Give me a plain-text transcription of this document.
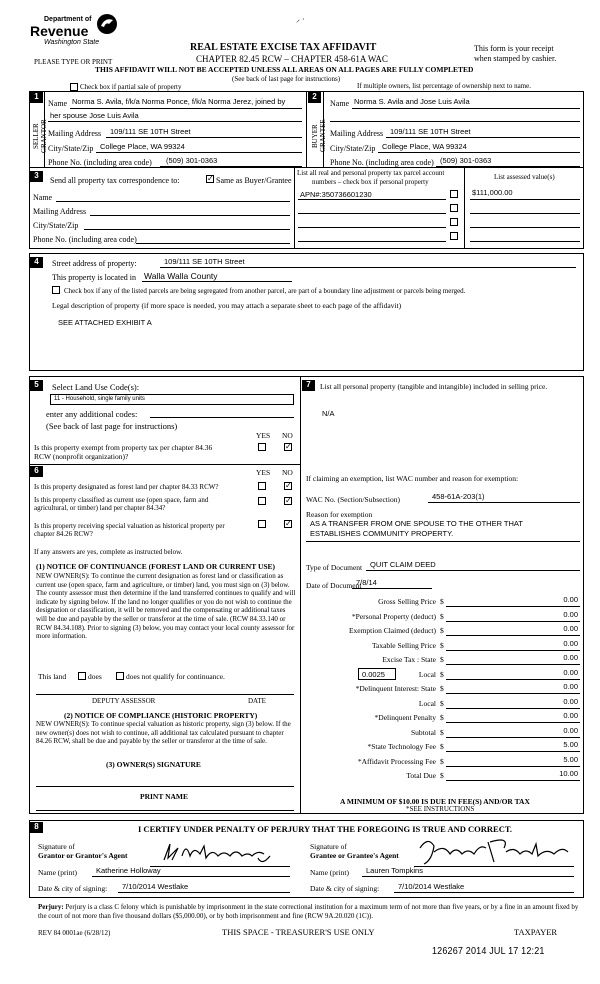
Department of
Revenue
Washington State
⸝ ·
REAL ESTATE EXCISE TAX AFFIDAVIT
CHAPTER 82.45 RCW – CHAPTER 458-61A WAC
THIS AFFIDAVIT WILL NOT BE ACCEPTED UNLESS ALL AREAS ON ALL PAGES ARE FULLY COMPLETED
(See back of last page for instructions)
This form is your receipt
when stamped by cashier.
PLEASE TYPE OR PRINT
Check box if partial sale of property	If multiple owners, list percentage of ownership next to name.
1
SELLER GRANTOR
Name Norma S. Avila, f/k/a Norma Ponce, f/k/a Norma Jerez, joined by
her spouse Jose Luis Avila
Mailing Address 109/111 SE 10TH Street
City/State/Zip College Place, WA 99324
Phone No. (including area code) (509) 301-0363
2
BUYER GRANTEE
Name Norma S. Avila and Jose Luis Avila
Mailing Address 109/111 SE 10TH Street
City/State/Zip College Place, WA 99324
Phone No. (including area code) (509) 301-0363
3
Send all property tax correspondence to:	✓ Same as Buyer/Grantee
List all real and personal property tax parcel account
numbers – check box if personal property
List assessed value(s)
APN#:350736601230	$111,000.00
Name
Mailing Address
City/State/Zip
Phone No. (including area code)
4	Street address of property:	109/111 SE 10TH Street
This property is located in Walla Walla County
Check box if any of the listed parcels are being segregated from another parcel, are part of a boundary line adjustment or parcels being merged.
Legal description of property (if more space is needed, you may attach a separate sheet to each page of the affidavit)
SEE ATTACHED EXHIBIT A
5	Select Land Use Code(s):
11 - Household, single family units
enter any additional codes:
(See back of last page for instructions)
YES NO
Is this property exempt from property tax per chapter 84.36 RCW (nonprofit organization)?
✓
6	YES NO
Is this property designated as forest land per chapter 84.33 RCW?	✓
Is this property classified as current use (open space, farm and agricultural, or timber) land per chapter 84.34?
✓
Is this property receiving special valuation as historical property per chapter 84.26 RCW?
✓
If any answers are yes, complete as instructed below.
(1) NOTICE OF CONTINUANCE (FOREST LAND OR CURRENT USE)
NEW OWNER(S): To continue the current designation as forest land or classification as current use (open space, farm and agriculture, or timber) land, you must sign on (3) below. The county assessor must then determine if the land transferred continues to qualify and will indicate by signing below. If the land no longer qualifies or you do not wish to continue the designation or classification, it will be removed and the compensating or additional taxes will be due and payable by the seller or transferor at the time of sale. (RCW 84.33.140 or RCW 84.34.108). Prior to signing (3) below, you may contact your local county assessor for more information.
This land	does	does not qualify for continuance.
DEPUTY ASSESSOR	DATE
(2) NOTICE OF COMPLIANCE (HISTORIC PROPERTY)
NEW OWNER(S): To continue special valuation as historic property, sign (3) below. If the new owner(s) does not wish to continue, all additional tax calculated pursuant to chapter 84.26 RCW, shall be due and payable by the seller or transferor at the time of sale.
(3) OWNER(S) SIGNATURE
PRINT NAME
7	List all personal property (tangible and intangible) included in selling price.
N/A
If claiming an exemption, list WAC number and reason for exemption:
WAC No. (Section/Subsection)	458-61A-203(1)
Reason for exemption
AS A TRANSFER FROM ONE SPOUSE TO THE OTHER THAT
ESTABLISHES COMMUNITY PROPERTY.
Type of Document QUIT CLAIM DEED
Date of Document
7/8/14
Gross Selling Price $	0.00
*Personal Property (deduct) $	0.00
Exemption Claimed (deduct) $	0.00
Taxable Selling Price $	0.00
Excise Tax : State $	0.00
Local $	0.00
*Delinquent Interest: State $	0.00
Local $	0.00
*Delinquent Penalty $	0.00
Subtotal $	0.00
*State Technology Fee $	5.00
*Affidavit Processing Fee $	5.00
Total Due $	10.00
0.0025
A MINIMUM OF $10.00 IS DUE IN FEE(S) AND/OR TAX
*SEE INSTRUCTIONS
8	I CERTIFY UNDER PENALTY OF PERJURY THAT THE FOREGOING IS TRUE AND CORRECT.
Signature of
Grantor or Grantor's Agent
Signature of
Grantee or Grantee's Agent
Name (print)	Katherine Holloway	Name (print) Lauren Tompkins
Date & city of signing: 7/10/2014 Westlake	Date & city of signing:	7/10/2014 Westlake
Perjury: Perjury is a class C felony which is punishable by imprisonment in the state correctional institution for a maximum term of not more than five years, or by a fine in an amount fixed by the court of not more than five thousand dollars ($5,000.00), or by both imprisonment and fine (RCW 9A.20.020 (1C)).
REV 84 0001ae (6/28/12)	THIS SPACE - TREASURER'S USE ONLY	TAXPAYER
126267 2014 JUL 17 12:21
